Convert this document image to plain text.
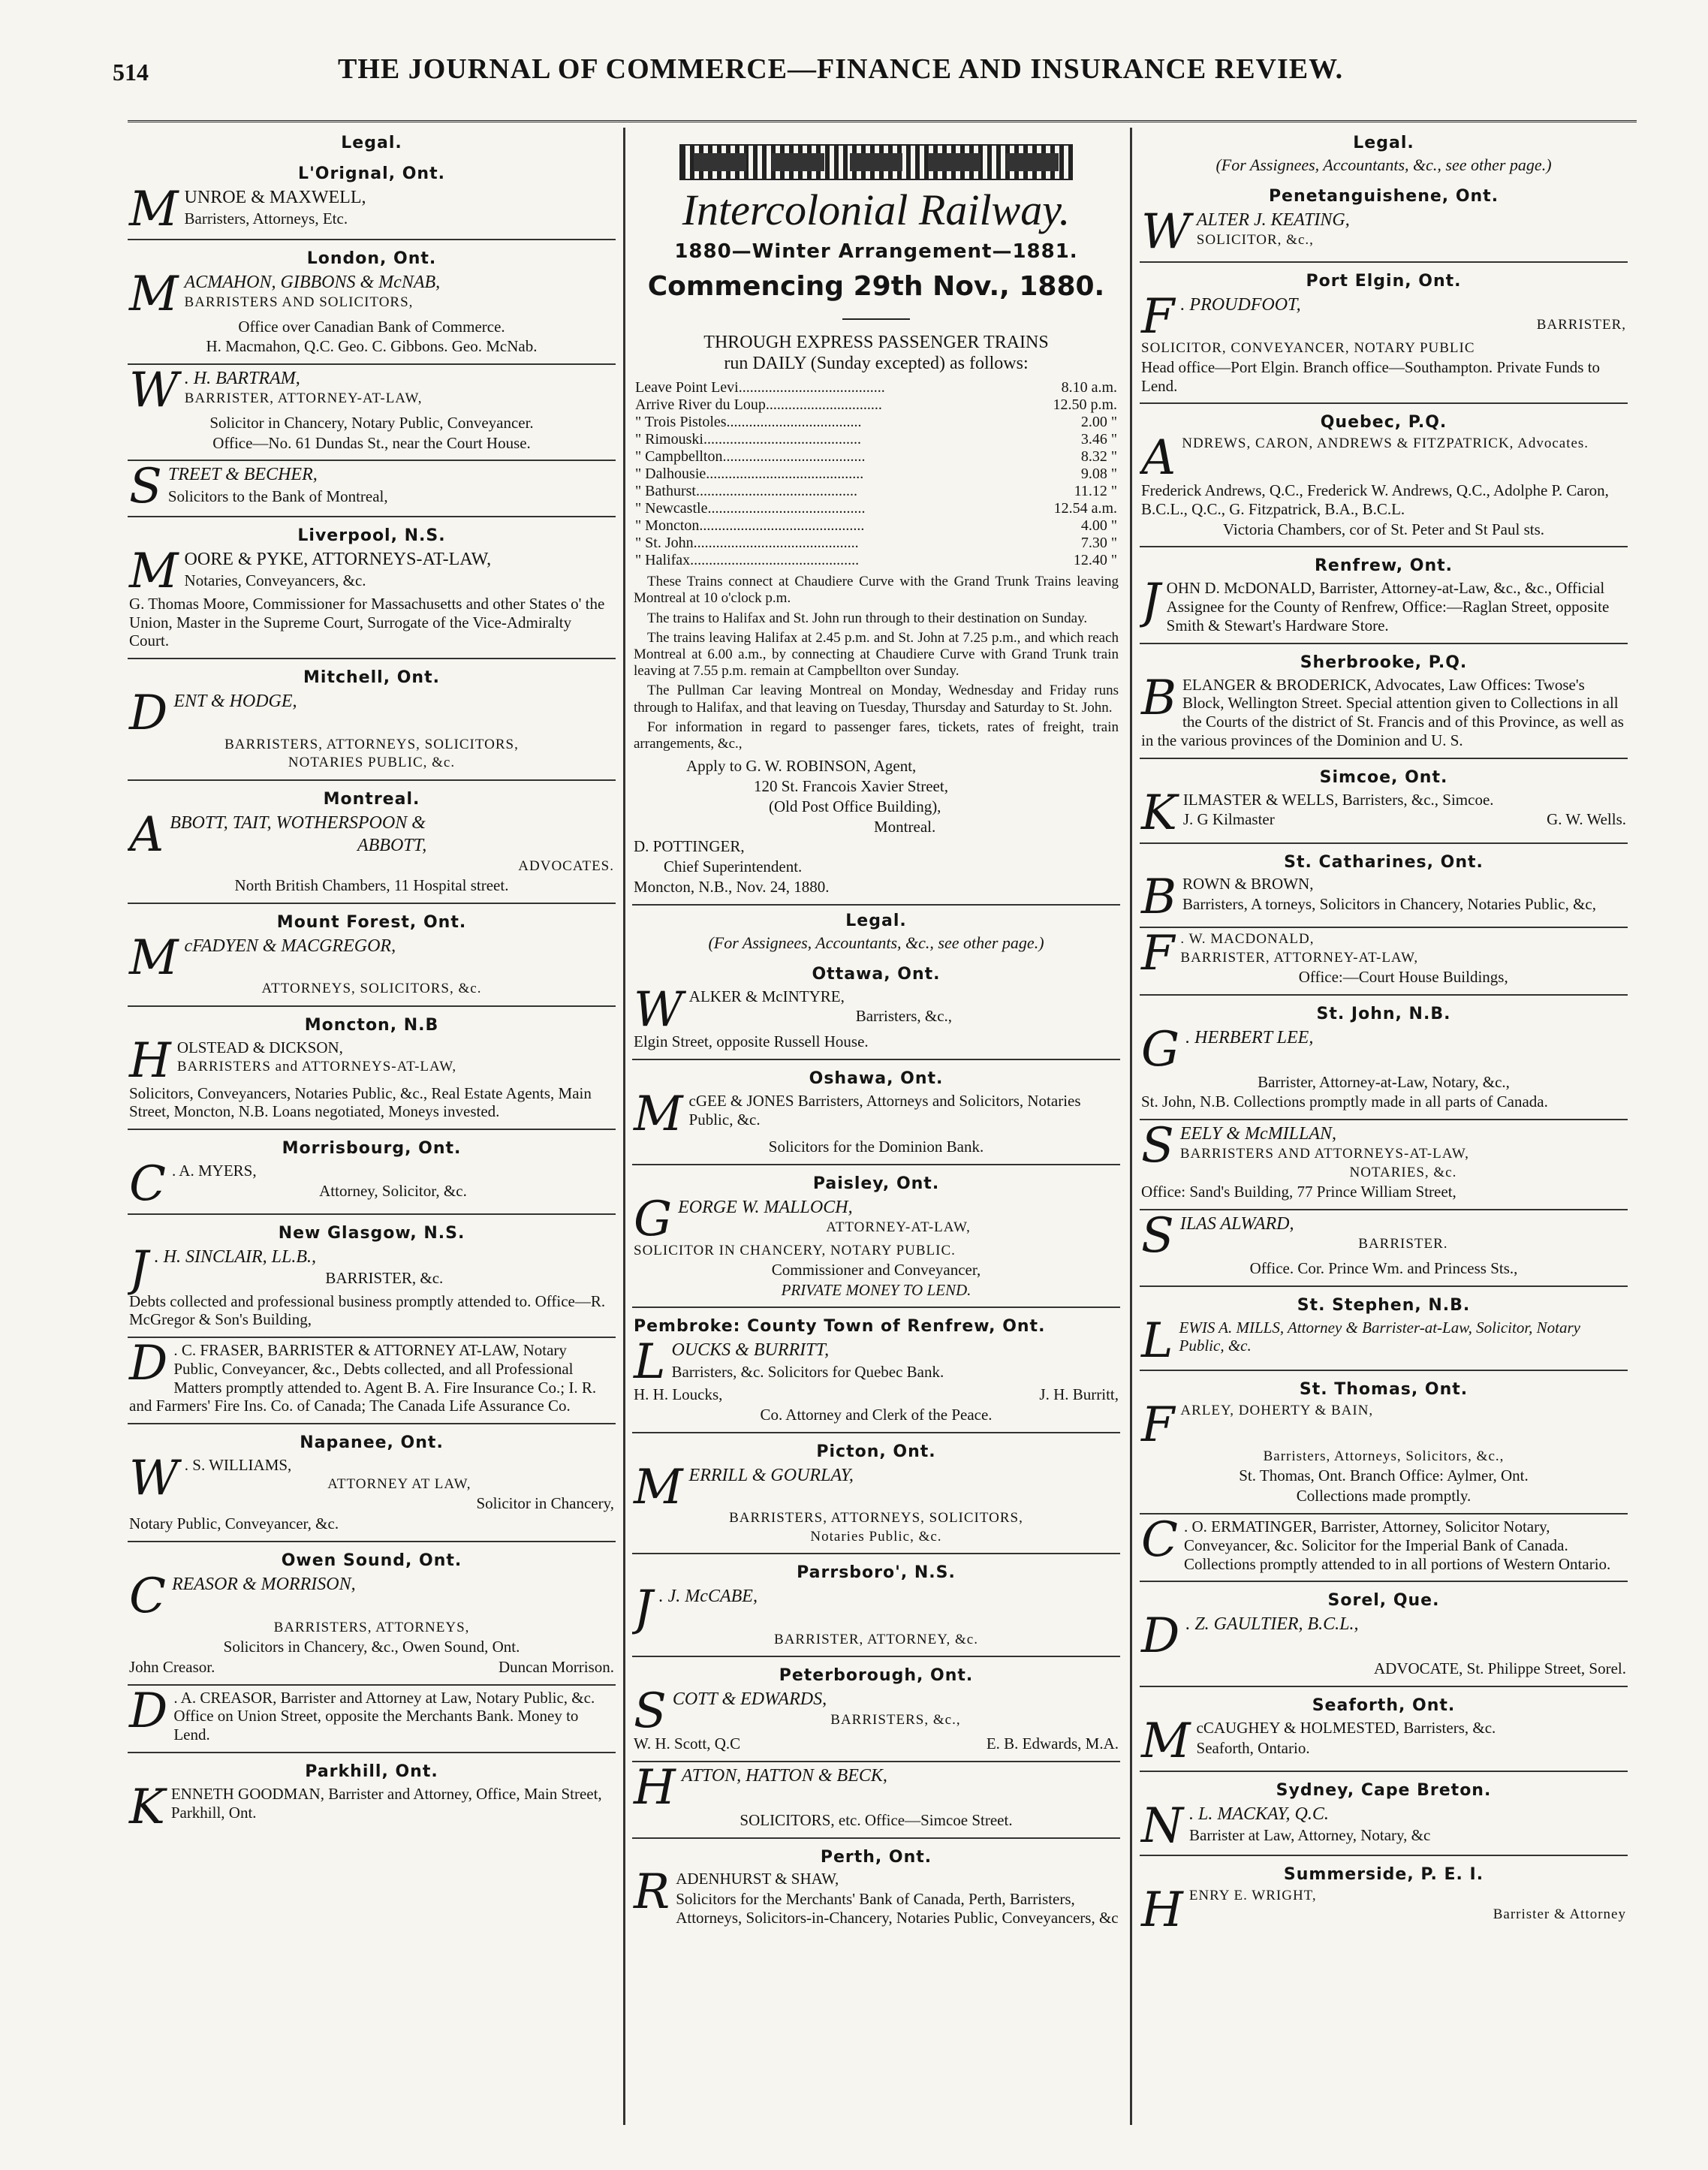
514	THE JOURNAL OF COMMERCE—FINANCE AND INSURANCE REVIEW.
Legal.
L'Orignal, Ont.
M UNROE & MAXWELL,

Barristers, Attorneys, Etc.

London, Ont.
M ACMAHON, GIBBONS & McNAB,

BARRISTERS AND SOLICITORS,

Office over Canadian Bank of Commerce.

H. Macmahon, Q.C. Geo. C. Gibbons. Geo. McNab.

W . H. BARTRAM,

BARRISTER, ATTORNEY-AT-LAW,

Solicitor in Chancery, Notary Public, Conveyancer.

Office—No. 61 Dundas St., near the Court House.

S TREET & BECHER,

Solicitors to the Bank of Montreal,

Liverpool, N.S.
M OORE & PYKE, ATTORNEYS-AT-LAW,

Notaries, Conveyancers, &c.

G. Thomas Moore, Commissioner for Massachusetts and other States o' the Union, Master in the Supreme Court, Surrogate of the Vice-Admiralty Court.

Mitchell, Ont.
D ENT & HODGE,

BARRISTERS, ATTORNEYS, SOLICITORS,

NOTARIES PUBLIC, &c.

Montreal.
A BBOTT, TAIT, WOTHERSPOON &

ABBOTT,

ADVOCATES.

North British Chambers, 11 Hospital street.

Mount Forest, Ont.
M cFADYEN & MACGREGOR,

ATTORNEYS, SOLICITORS, &c.

Moncton, N.B
H OLSTEAD & DICKSON,

BARRISTERS and ATTORNEYS-AT-LAW,

Solicitors, Conveyancers, Notaries Public, &c., Real Estate Agents, Main Street, Moncton, N.B. Loans negotiated, Moneys invested.

Morrisbourg, Ont.
C . A. MYERS,

Attorney, Solicitor, &c.

New Glasgow, N.S.
J . H. SINCLAIR, LL.B.,

BARRISTER, &c.

Debts collected and professional business promptly attended to. Office—R. McGregor & Son's Building,

D . C. FRASER, BARRISTER & ATTORNEY AT-LAW, Notary Public, Conveyancer, &c., Debts collected, and all Professional Matters promptly attended to. Agent B. A. Fire Insurance Co.; I. R. and Farmers' Fire Ins. Co. of Canada; The Canada Life Assurance Co.

Napanee, Ont.
W . S. WILLIAMS,

ATTORNEY AT LAW,

Solicitor in Chancery,

Notary Public, Conveyancer, &c.

Owen Sound, Ont.
C REASOR & MORRISON,

BARRISTERS, ATTORNEYS,

Solicitors in Chancery, &c., Owen Sound, Ont.

John Creasor.	Duncan Morrison.

D . A. CREASOR, Barrister and Attorney at Law, Notary Public, &c. Office on Union Street, opposite the Merchants Bank. Money to Lend.

Parkhill, Ont.
K ENNETH GOODMAN, Barrister and Attorney, Office, Main Street, Parkhill, Ont.

Intercolonial Railway.
1880—Winter Arrangement—1881.
Commencing 29th Nov., 1880.
THROUGH EXPRESS PASSENGER TRAINS
run DAILY (Sunday excepted) as follows:
Leave Point Levi.......................................	8.10 a.m.
Arrive River du Loup...............................	12.50 p.m.
" Trois Pistoles....................................	2.00 "
" Rimouski..........................................	3.46 "
" Campbellton......................................	8.32 "
" Dalhousie..........................................	9.08 "
" Bathurst...........................................	11.12 "
" Newcastle..........................................	12.54 a.m.
" Moncton............................................	4.00 "
" St. John............................................	7.30 "
" Halifax.............................................	12.40 "

These Trains connect at Chaudiere Curve with the Grand Trunk Trains leaving Montreal at 10 o'clock p.m.

The trains to Halifax and St. John run through to their destination on Sunday.

The trains leaving Halifax at 2.45 p.m. and St. John at 7.25 p.m., and which reach Montreal at 6.00 a.m., by connecting at Chaudiere Curve with Grand Trunk train leaving at 7.55 p.m. remain at Campbellton over Sunday.

The Pullman Car leaving Montreal on Monday, Wednesday and Friday runs through to Halifax, and that leaving on Tuesday, Thursday and Saturday to St. John.

For information in regard to passenger fares, tickets, rates of freight, train arrangements, &c.,

Apply to G. W. ROBINSON, Agent,

120 St. Francois Xavier Street,

(Old Post Office Building),

Montreal.

D. POTTINGER,

Chief Superintendent.

Moncton, N.B., Nov. 24, 1880.

Legal.
(For Assignees, Accountants, &c., see other page.)
Ottawa, Ont.
W ALKER & McINTYRE,

Barristers, &c.,

Elgin Street, opposite Russell House.

Oshawa, Ont.
M cGEE & JONES Barristers, Attorneys and Solicitors, Notaries Public, &c.

Solicitors for the Dominion Bank.

Paisley, Ont.
G EORGE W. MALLOCH,

ATTORNEY-AT-LAW,

SOLICITOR IN CHANCERY, NOTARY PUBLIC.

Commissioner and Conveyancer,

PRIVATE MONEY TO LEND.

Pembroke: County Town of Renfrew, Ont.
L OUCKS & BURRITT,

Barristers, &c. Solicitors for Quebec Bank.

H. H. Loucks,	J. H. Burritt,

Co. Attorney and Clerk of the Peace.

Picton, Ont.
M ERRILL & GOURLAY,

BARRISTERS, ATTORNEYS, SOLICITORS,

Notaries Public, &c.

Parrsboro', N.S.
J . J. McCABE,

BARRISTER, ATTORNEY, &c.

Peterborough, Ont.
S COTT & EDWARDS,

BARRISTERS, &c.,

W. H. Scott, Q.C	E. B. Edwards, M.A.

H ATTON, HATTON & BECK,

SOLICITORS, etc. Office—Simcoe Street.

Perth, Ont.
R ADENHURST & SHAW,

Solicitors for the Merchants' Bank of Canada, Perth, Barristers, Attorneys, Solicitors-in-Chancery, Notaries Public, Conveyancers, &c

Legal.
(For Assignees, Accountants, &c., see other page.)
Penetanguishene, Ont.
W ALTER J. KEATING,

SOLICITOR, &c.,

Port Elgin, Ont.
F . PROUDFOOT,

BARRISTER,

SOLICITOR, CONVEYANCER, NOTARY PUBLIC

Head office—Port Elgin. Branch office—Southampton. Private Funds to Lend.

Quebec, P.Q.
A NDREWS, CARON, ANDREWS & FITZPATRICK, Advocates.

Frederick Andrews, Q.C., Frederick W. Andrews, Q.C., Adolphe P. Caron, B.C.L., Q.C., G. Fitzpatrick, B.A., B.C.L.

Victoria Chambers, cor of St. Peter and St Paul sts.

Renfrew, Ont.
J OHN D. McDONALD, Barrister, Attorney-at-Law, &c., &c., Official Assignee for the County of Renfrew, Office:—Raglan Street, opposite Smith & Stewart's Hardware Store.

Sherbrooke, P.Q.
B ELANGER & BRODERICK, Advocates, Law Offices: Twose's Block, Wellington Street. Special attention given to Collections in all the Courts of the district of St. Francis and of this Province, as well as in the various provinces of the Dominion and U. S.

Simcoe, Ont.
K ILMASTER & WELLS, Barristers, &c., Simcoe.

J. G Kilmaster	G. W. Wells.

St. Catharines, Ont.
B ROWN & BROWN,

Barristers, A torneys, Solicitors in Chancery, Notaries Public, &c,

F . W. MACDONALD,

BARRISTER, ATTORNEY-AT-LAW,

Office:—Court House Buildings,

St. John, N.B.
G . HERBERT LEE,

Barrister, Attorney-at-Law, Notary, &c.,

St. John, N.B. Collections promptly made in all parts of Canada.

S EELY & McMILLAN,

BARRISTERS AND ATTORNEYS-AT-LAW,

NOTARIES, &c.

Office: Sand's Building, 77 Prince William Street,

S ILAS ALWARD,

BARRISTER.

Office. Cor. Prince Wm. and Princess Sts.,

St. Stephen, N.B.
L EWIS A. MILLS, Attorney & Barrister-at-Law, Solicitor, Notary Public, &c.

St. Thomas, Ont.
F ARLEY, DOHERTY & BAIN,

Barristers, Attorneys, Solicitors, &c.,

St. Thomas, Ont. Branch Office: Aylmer, Ont.

Collections made promptly.

C . O. ERMATINGER, Barrister, Attorney, Solicitor Notary, Conveyancer, &c. Solicitor for the Imperial Bank of Canada. Collections promptly attended to in all portions of Western Ontario.

Sorel, Que.
D . Z. GAULTIER, B.C.L.,

ADVOCATE, St. Philippe Street, Sorel.

Seaforth, Ont.
M cCAUGHEY & HOLMESTED, Barristers, &c.

Seaforth, Ontario.

Sydney, Cape Breton.
N . L. MACKAY, Q.C.

Barrister at Law, Attorney, Notary, &c

Summerside, P. E. I.
H ENRY E. WRIGHT,

Barrister & Attorney
